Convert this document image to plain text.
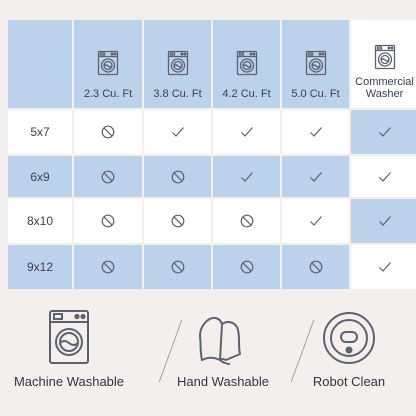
2.3 Cu. Ft 3.8 Cu. Ft 4.2 Cu. Ft 5.0 Cu. Ft
Commercial
Washer
5x7
6x9
8x10
9x12
Machine Washable	Hand Washable	Robot Clean
